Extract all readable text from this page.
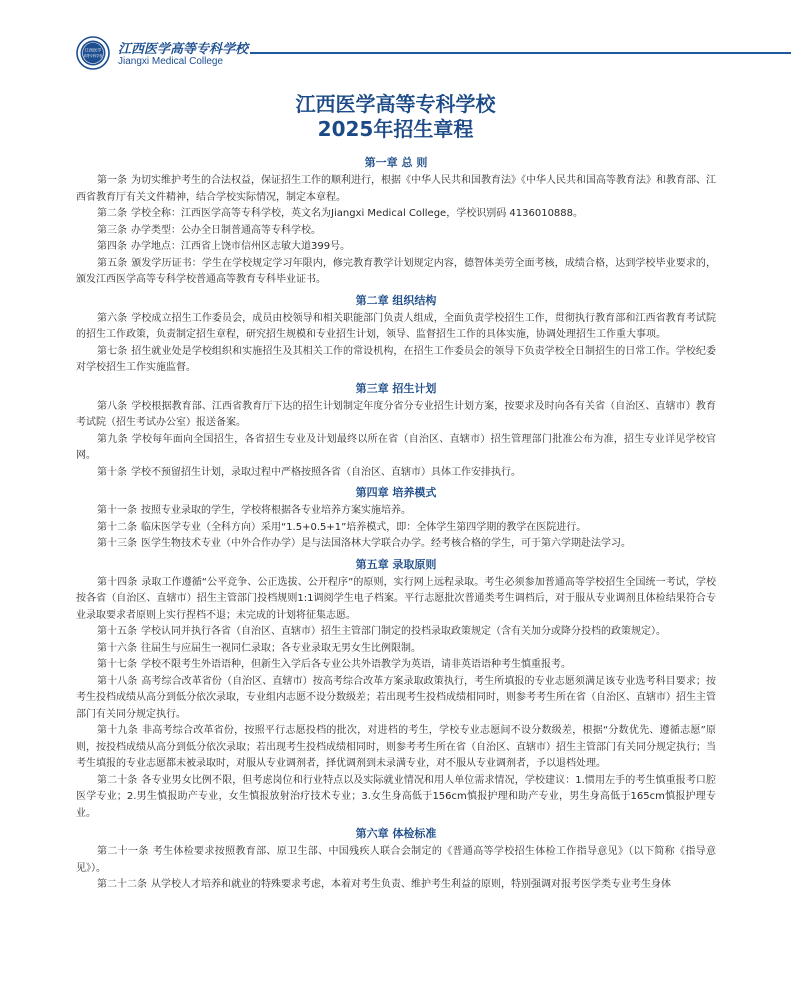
江西医学
高等专科学校 江西医学高等专科学校
Jiangxi Medical College
江西医学高等专科学校
2025年招生章程
第一章 总 则

第一条 为切实维护考生的合法权益，保证招生工作的顺利进行，根据《中华人民共和国教育法》《中华人民共和国高等教育法》和教育部、江西省教育厅有关文件精神，结合学校实际情况，制定本章程。

第二条 学校全称：江西医学高等专科学校，英文名为Jiangxi Medical College，学校识别码 4136010888。

第三条 办学类型：公办全日制普通高等专科学校。

第四条 办学地点：江西省上饶市信州区志敏大道399号。

第五条 颁发学历证书：学生在学校规定学习年限内，修完教育教学计划规定内容，德智体美劳全面考核，成绩合格，达到学校毕业要求的，颁发江西医学高等专科学校普通高等教育专科毕业证书。

第二章 组织结构

第六条 学校成立招生工作委员会，成员由校领导和相关职能部门负责人组成，全面负责学校招生工作，贯彻执行教育部和江西省教育考试院的招生工作政策，负责制定招生章程，研究招生规模和专业招生计划，领导、监督招生工作的具体实施，协调处理招生工作重大事项。

第七条 招生就业处是学校组织和实施招生及其相关工作的常设机构，在招生工作委员会的领导下负责学校全日制招生的日常工作。学校纪委对学校招生工作实施监督。

第三章 招生计划

第八条 学校根据教育部、江西省教育厅下达的招生计划制定年度分省分专业招生计划方案，按要求及时向各有关省（自治区、直辖市）教育考试院（招生考试办公室）报送备案。

第九条 学校每年面向全国招生，各省招生专业及计划最终以所在省（自治区、直辖市）招生管理部门批准公布为准，招生专业详见学校官网。

第十条 学校不预留招生计划，录取过程中严格按照各省（自治区、直辖市）具体工作安排执行。

第四章 培养模式

第十一条 按照专业录取的学生，学校将根据各专业培养方案实施培养。

第十二条 临床医学专业（全科方向）采用“1.5+0.5+1”培养模式，即：全体学生第四学期的教学在医院进行。

第十三条 医学生物技术专业（中外合作办学）是与法国洛林大学联合办学。经考核合格的学生，可于第六学期赴法学习。

第五章 录取原则

第十四条 录取工作遵循“公平竞争、公正选拔、公开程序”的原则，实行网上远程录取。考生必须参加普通高等学校招生全国统一考试，学校按各省（自治区、直辖市）招生主管部门投档规则1:1调阅学生电子档案。平行志愿批次普通类考生调档后，对于服从专业调剂且体检结果符合专业录取要求者原则上实行捏档不退；未完成的计划将征集志愿。

第十五条 学校认同并执行各省（自治区、直辖市）招生主管部门制定的投档录取政策规定（含有关加分或降分投档的政策规定）。

第十六条 往届生与应届生一视同仁录取；各专业录取无男女生比例限制。

第十七条 学校不限考生外语语种，但新生入学后各专业公共外语教学为英语，请非英语语种考生慎重报考。

第十八条 高考综合改革省份（自治区、直辖市）按高考综合改革方案录取政策执行，考生所填报的专业志愿须满足该专业选考科目要求；按考生投档成绩从高分到低分依次录取，专业组内志愿不设分数级差；若出现考生投档成绩相同时，则参考考生所在省（自治区、直辖市）招生主管部门有关同分规定执行。

第十九条 非高考综合改革省份，按照平行志愿投档的批次，对进档的考生，学校专业志愿间不设分数级差，根据“分数优先、遵循志愿”原则，按投档成绩从高分到低分依次录取；若出现考生投档成绩相同时，则参考考生所在省（自治区、直辖市）招生主管部门有关同分规定执行；当考生填报的专业志愿都未被录取时，对服从专业调剂者，择优调剂到未录满专业，对不服从专业调剂者，予以退档处理。

第二十条 各专业男女比例不限，但考虑岗位和行业特点以及实际就业情况和用人单位需求情况，学校建议：1.惯用左手的考生慎重报考口腔医学专业；2.男生慎报助产专业，女生慎报放射治疗技术专业；3.女生身高低于156cm慎报护理和助产专业，男生身高低于165cm慎报护理专业。

第六章 体检标准

第二十一条 考生体检要求按照教育部、原卫生部、中国残疾人联合会制定的《普通高等学校招生体检工作指导意见》（以下简称《指导意见》）。

第二十二条 从学校人才培养和就业的特殊要求考虑，本着对考生负责、维护考生利益的原则，特别强调对报考医学类专业考生身体
